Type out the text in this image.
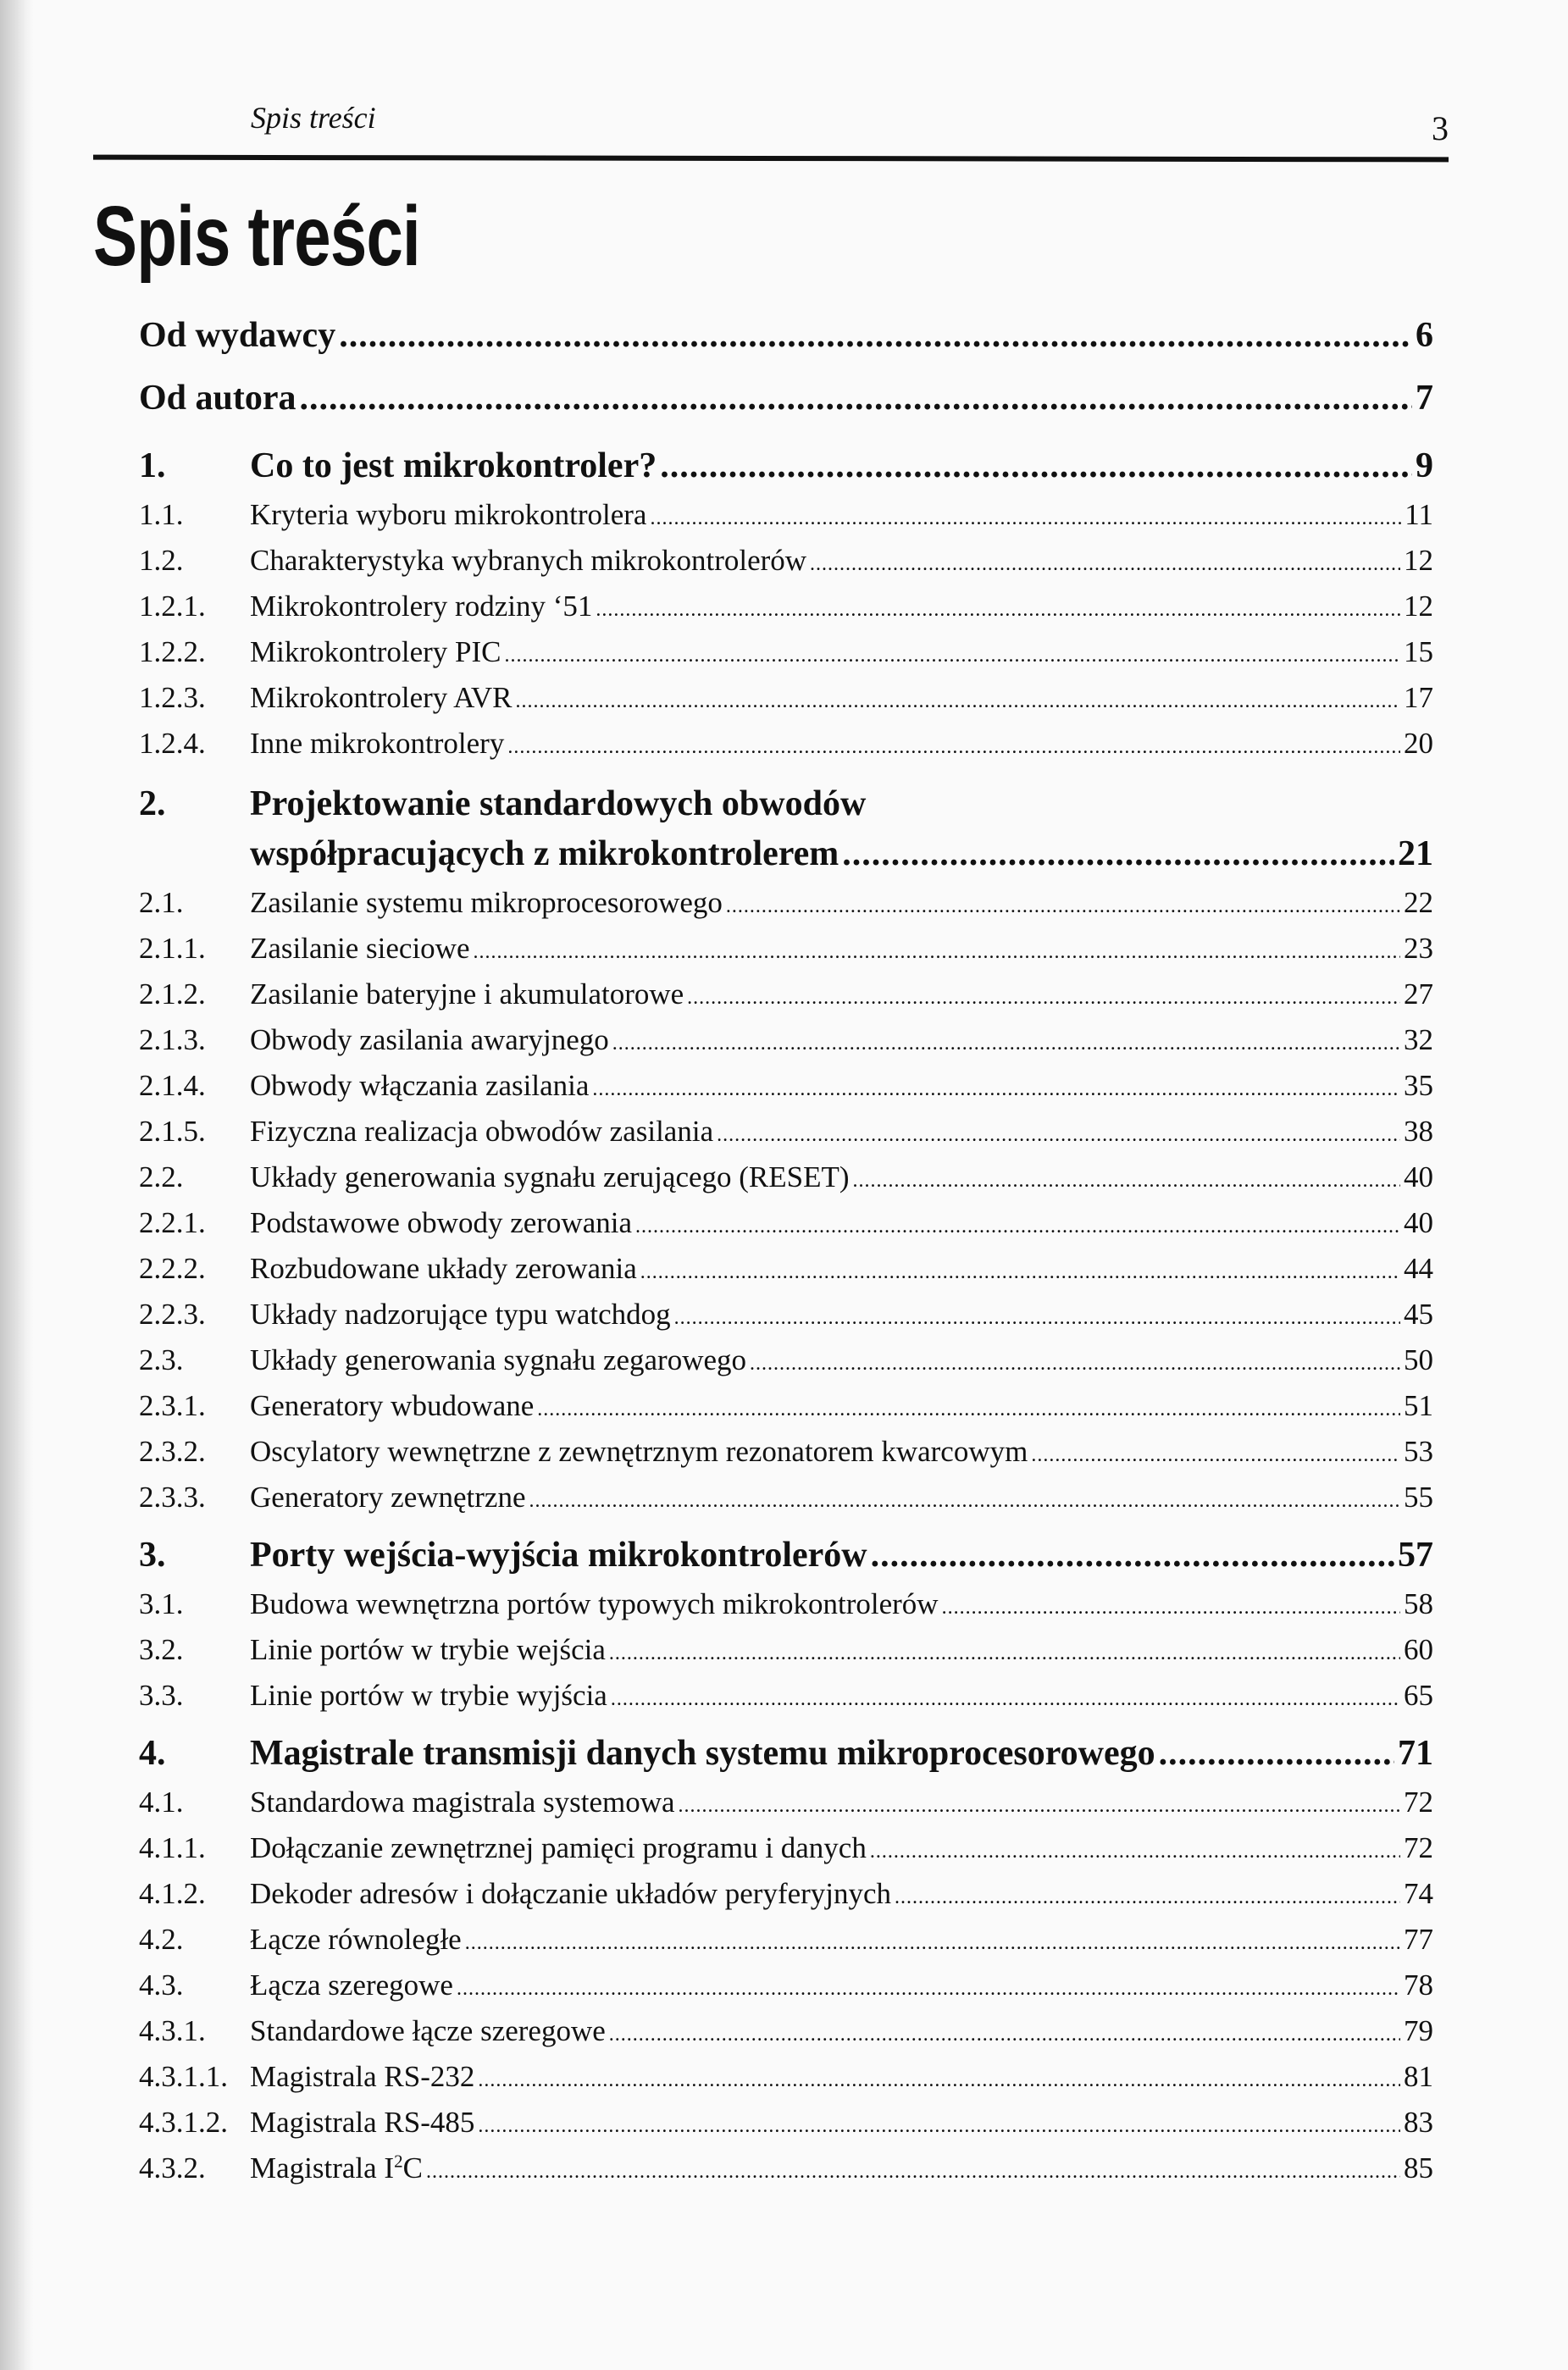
Spis treści	3
Spis treści
Od wydawcy .....	6
Od autora .....	7
1.	Co to jest mikrokontroler? .....	9
1.1.	Kryteria wyboru mikrokontrolera .....	11
1.2.	Charakterystyka wybranych mikrokontrolerów .....	12
1.2.1.	Mikrokontrolery rodziny ‘51 .....	12
1.2.2.	Mikrokontrolery PIC .....	15
1.2.3.	Mikrokontrolery AVR .....	17
1.2.4.	Inne mikrokontrolery .....	20
2.	Projektowanie standardowych obwodów
współpracujących z mikrokontrolerem .....	21
2.1.	Zasilanie systemu mikroprocesorowego .....	22
2.1.1.	Zasilanie sieciowe .....	23
2.1.2.	Zasilanie bateryjne i akumulatorowe .....	27
2.1.3.	Obwody zasilania awaryjnego .....	32
2.1.4.	Obwody włączania zasilania .....	35
2.1.5.	Fizyczna realizacja obwodów zasilania .....	38
2.2.	Układy generowania sygnału zerującego (RESET) .....	40
2.2.1.	Podstawowe obwody zerowania .....	40
2.2.2.	Rozbudowane układy zerowania .....	44
2.2.3.	Układy nadzorujące typu watchdog .....	45
2.3.	Układy generowania sygnału zegarowego .....	50
2.3.1.	Generatory wbudowane .....	51
2.3.2.	Oscylatory wewnętrzne z zewnętrznym rezonatorem kwarcowym .....	53
2.3.3.	Generatory zewnętrzne .....	55
3.	Porty wejścia-wyjścia mikrokontrolerów .....	57
3.1.	Budowa wewnętrzna portów typowych mikrokontrolerów .....	58
3.2.	Linie portów w trybie wejścia .....	60
3.3.	Linie portów w trybie wyjścia .....	65
4.	Magistrale transmisji danych systemu mikroprocesorowego .....	71
4.1.	Standardowa magistrala systemowa .....	72
4.1.1.	Dołączanie zewnętrznej pamięci programu i danych .....	72
4.1.2.	Dekoder adresów i dołączanie układów peryferyjnych .....	74
4.2.	Łącze równoległe .....	77
4.3.	Łącza szeregowe .....	78
4.3.1.	Standardowe łącze szeregowe .....	79
4.3.1.1. Magistrala RS-232 .....	81
4.3.1.2. Magistrala RS-485 .....	83
4.3.2.	Magistrala $I^2C$ .....	85
